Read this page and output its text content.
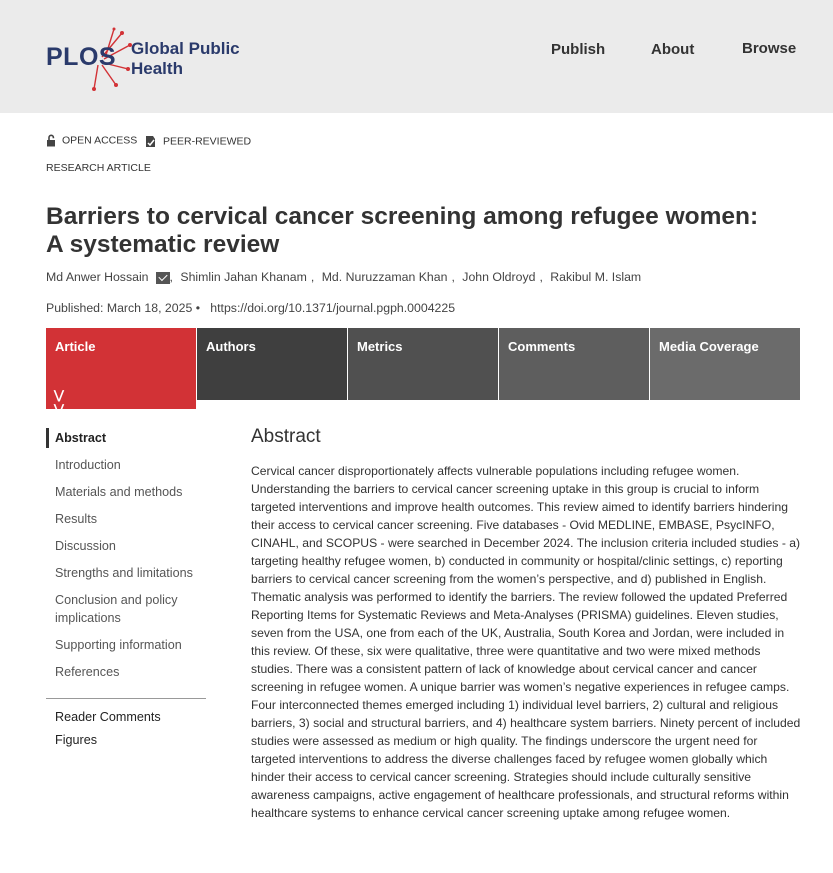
PLOS Global Public
Health
Publish	About	Browse
OPEN ACCESS	PEER-REVIEWED
RESEARCH ARTICLE
Barriers to cervical cancer screening among refugee women: A systematic review
Md Anwer Hossain , Shimlin Jahan Khanam , Md. Nuruzzaman Khan , John Oldroyd , Rakibul M. Islam
Published: March 18, 2025 •   https://doi.org/10.1371/journal.pgph.0004225
Article
⋁
⋁
Authors	Metrics	Comments	Media Coverage
Abstract
Introduction
Materials and methods
Results
Discussion
Strengths and limitations
Conclusion and policy implications
Supporting information
References
Reader Comments
Figures
Abstract
Cervical cancer disproportionately affects vulnerable populations including refugee women. Understanding the barriers to cervical cancer screening uptake in this group is crucial to inform targeted interventions and improve health outcomes. This review aimed to identify barriers hindering their access to cervical cancer screening. Five databases - Ovid MEDLINE, EMBASE, PsycINFO, CINAHL, and SCOPUS - were searched in December 2024. The inclusion criteria included studies - a) targeting healthy refugee women, b) conducted in community or hospital/clinic settings, c) reporting barriers to cervical cancer screening from the women’s perspective, and d) published in English. Thematic analysis was performed to identify the barriers. The review followed the updated Preferred Reporting Items for Systematic Reviews and Meta-Analyses (PRISMA) guidelines. Eleven studies, seven from the USA, one from each of the UK, Australia, South Korea and Jordan, were included in this review. Of these, six were qualitative, three were quantitative and two were mixed methods studies. There was a consistent pattern of lack of knowledge about cervical cancer and cancer screening in refugee women. A unique barrier was women’s negative experiences in refugee camps. Four interconnected themes emerged including 1) individual level barriers, 2) cultural and religious barriers, 3) social and structural barriers, and 4) healthcare system barriers. Ninety percent of included studies were assessed as medium or high quality. The findings underscore the urgent need for targeted interventions to address the diverse challenges faced by refugee women globally which hinder their access to cervical cancer screening. Strategies should include culturally sensitive awareness campaigns, active engagement of healthcare professionals, and structural reforms within healthcare systems to enhance cervical cancer screening uptake among refugee women.
